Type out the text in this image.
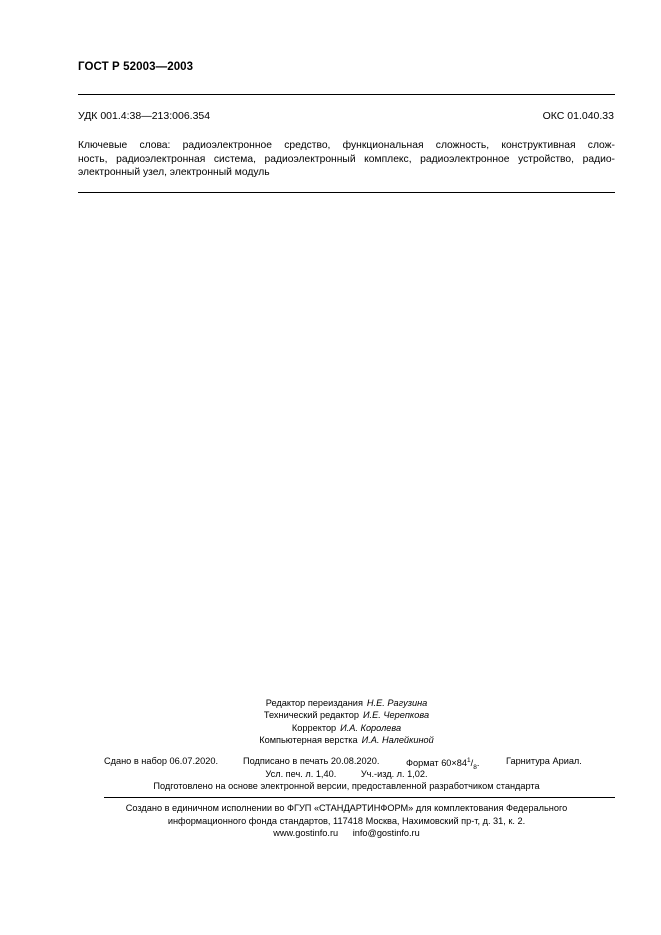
ГОСТ Р 52003—2003
УДК 001.4:38—213:006.354	ОКС 01.040.33
Ключевые слова: радиоэлектронное средство, функциональная сложность, конструктивная слож-
ность, радиоэлектронная система, радиоэлектронный комплекс, радиоэлектронное устройство, радио-
электронный узел, электронный модуль
Редактор переиздания Н.Е. Рагузина
Технический редактор И.Е. Черепкова
Корректор И.А. Королева
Компьютерная верстка И.А. Налейкиной
Сдано в набор 06.07.2020.	Подписано в печать 20.08.2020.	Формат $60\times 84^1/_8$.	Гарнитура Ариал.
Усл. печ. л. 1,40.	Уч.-изд. л. 1,02.
Подготовлено на основе электронной версии, предоставленной разработчиком стандарта
Создано в единичном исполнении во ФГУП «СТАНДАРТИНФОРМ» для комплектования Федерального
информационного фонда стандартов, 117418 Москва, Нахимовский пр-т, д. 31, к. 2.
www.gostinfo.ru info@gostinfo.ru
